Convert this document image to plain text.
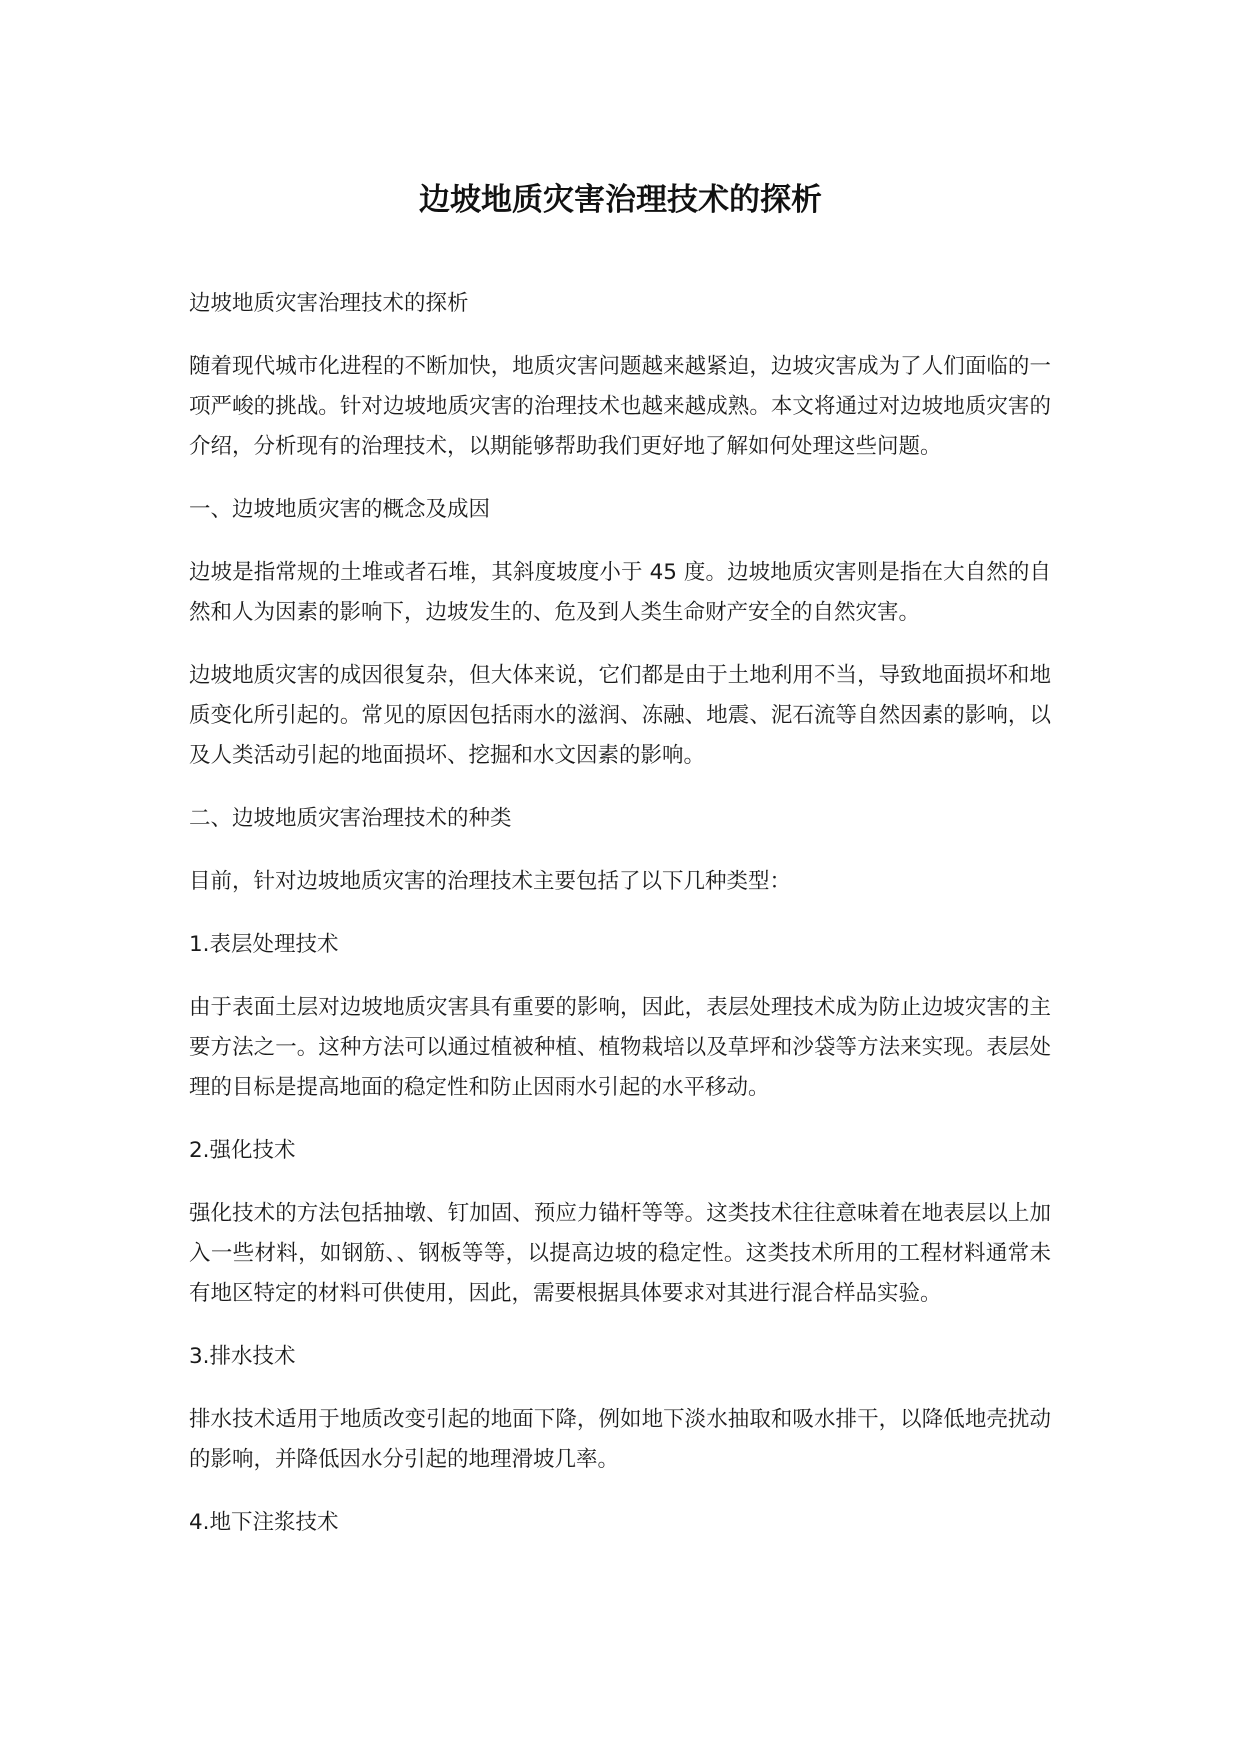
边坡地质灾害治理技术的探析

边坡地质灾害治理技术的探析

随着现代城市化进程的不断加快，地质灾害问题越来越紧迫，边坡灾害成为了人们面临的一项严峻的挑战。针对边坡地质灾害的治理技术也越来越成熟。本文将通过对边坡地质灾害的介绍，分析现有的治理技术，以期能够帮助我们更好地了解如何处理这些问题。

一、边坡地质灾害的概念及成因

边坡是指常规的土堆或者石堆，其斜度坡度小于 45 度。边坡地质灾害则是指在大自然的自然和人为因素的影响下，边坡发生的、危及到人类生命财产安全的自然灾害。

边坡地质灾害的成因很复杂，但大体来说，它们都是由于土地利用不当，导致地面损坏和地质变化所引起的。常见的原因包括雨水的滋润、冻融、地震、泥石流等自然因素的影响，以及人类活动引起的地面损坏、挖掘和水文因素的影响。

二、边坡地质灾害治理技术的种类

目前，针对边坡地质灾害的治理技术主要包括了以下几种类型：

1.表层处理技术

由于表面土层对边坡地质灾害具有重要的影响，因此，表层处理技术成为防止边坡灾害的主要方法之一。这种方法可以通过植被种植、植物栽培以及草坪和沙袋等方法来实现。表层处理的目标是提高地面的稳定性和防止因雨水引起的水平移动。

2.强化技术

强化技术的方法包括抽墩、钉加固、预应力锚杆等等。这类技术往往意味着在地表层以上加入一些材料，如钢筋、、钢板等等，以提高边坡的稳定性。这类技术所用的工程材料通常未有地区特定的材料可供使用，因此，需要根据具体要求对其进行混合样品实验。

3.排水技术

排水技术适用于地质改变引起的地面下降，例如地下淡水抽取和吸水排干，以降低地壳扰动的影响，并降低因水分引起的地理滑坡几率。

4.地下注浆技术
